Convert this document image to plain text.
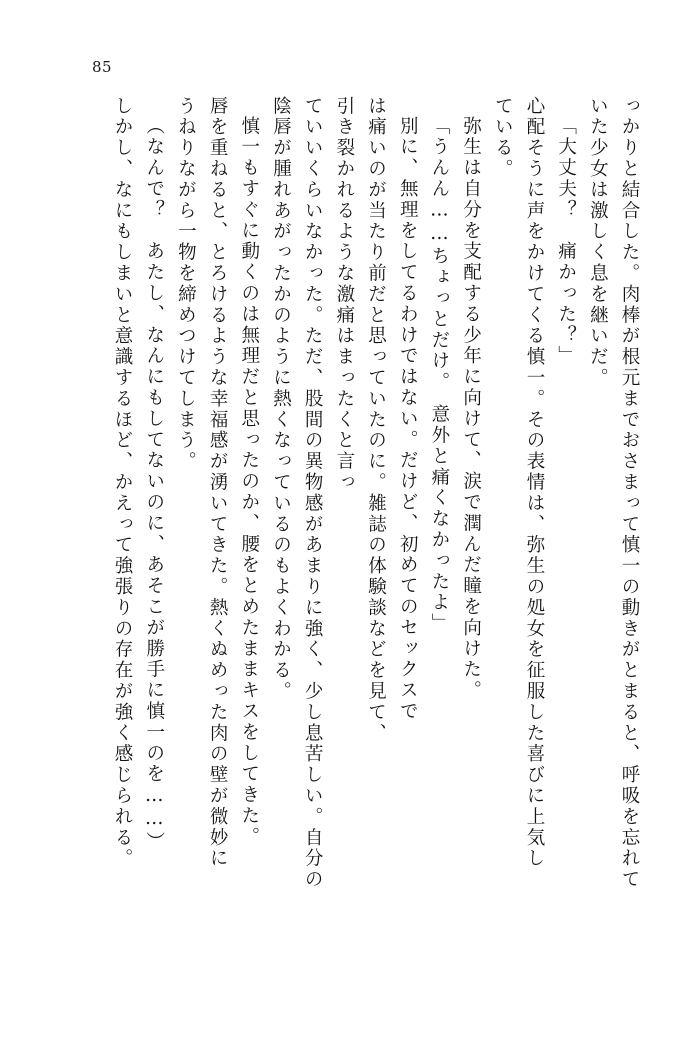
85
っかりと結合した。肉棒が根元までおさまって慎一の動きがとまると、呼吸を忘れて
いた少女は激しく息を継いだ。
「大丈夫？　痛かった？」
心配そうに声をかけてくる慎一。その表情は、弥生の処女を征服した喜びに上気し
ている。
弥生は自分を支配する少年に向けて、涙で潤んだ瞳を向けた。
「うんん……ちょっとだけ。　意外と痛くなかったよ」
別に、無理をしてるわけではない。だけど、初めてのセックスで
は痛いのが当たり前だと思っていたのに。雑誌の体験談などを見て、
引き裂かれるような激痛はまったくと言っ
ていいくらいなかった。ただ、股間の異物感があまりに強く、少し息苦しい。自分の
陰唇が腫れあがったかのように熱くなっているのもよくわかる。
慎一もすぐに動くのは無理だと思ったのか、腰をとめたままキスをしてきた。
唇を重ねると、とろけるような幸福感が湧いてきた。熱くぬめった肉の壁が微妙に
うねりながら一物を締めつけてしまう。
（なんで？　あたし、なんにもしてないのに、あそこが勝手に慎一のを……）
しかし、なにもしまいと意識するほど、かえって強張りの存在が強く感じられる。
